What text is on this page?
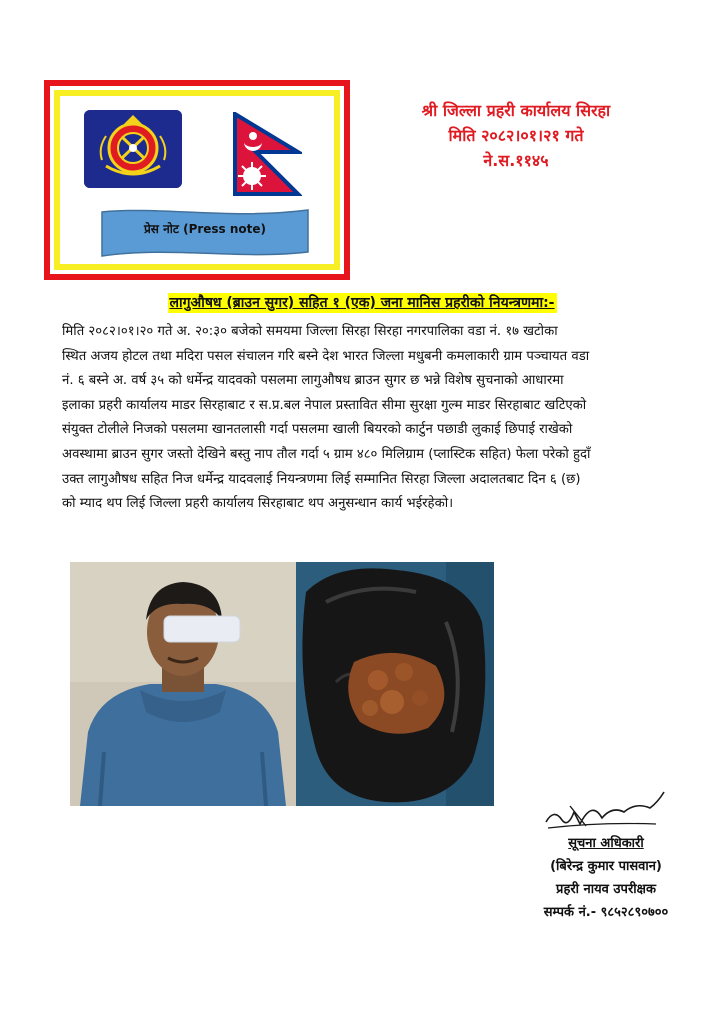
प्रेस नोट (Press note)
श्री जिल्ला प्रहरी कार्यालय सिरहा
मिति २०८२।०१।२१ गते
ने.स.११४५
लागुऔषध (ब्राउन सुगर) सहित १ (एक) जना मानिस प्रहरीको नियन्त्रणमा:-
मिति २०८२।०१।२० गते अ. २०:३० बजेको समयमा जिल्ला सिरहा सिरहा नगरपालिका वडा नं. १७ खटोका
स्थित अजय होटल तथा मदिरा पसल संचालन गरि बस्ने देश भारत जिल्ला मधुबनी कमलाकारी ग्राम पञ्चायत वडा
नं. ६ बस्ने अ. वर्ष ३५ को धर्मेन्द्र यादवको पसलमा लागुऔषध ब्राउन सुगर छ भन्ने विशेष सुचनाको आधारमा
इलाका प्रहरी कार्यालय माडर सिरहाबाट र स.प्र.बल नेपाल प्रस्तावित सीमा सुरक्षा गुल्म माडर सिरहाबाट खटिएको
संयुक्त टोलीले निजको पसलमा खानतलासी गर्दा पसलमा खाली बियरको कार्टुन पछाडी लुकाई छिपाई राखेको
अवस्थामा ब्राउन सुगर जस्तो देखिने बस्तु नाप तौल गर्दा ५ ग्राम ४८० मिलिग्राम (प्लास्टिक सहित) फेला परेको हुदाँ
उक्त लागुऔषध सहित निज धर्मेन्द्र यादवलाई नियन्त्रणमा लिई सम्मानित सिरहा जिल्ला अदालतबाट दिन ६ (छ)
को म्याद थप लिई जिल्ला प्रहरी कार्यालय सिरहाबाट थप अनुसन्धान कार्य भईरहेको।
सूचना अधिकारी
(बिरेन्द्र कुमार पासवान)
प्रहरी नायव उपरीक्षक
सम्पर्क नं.- ९८५२८९०७००
